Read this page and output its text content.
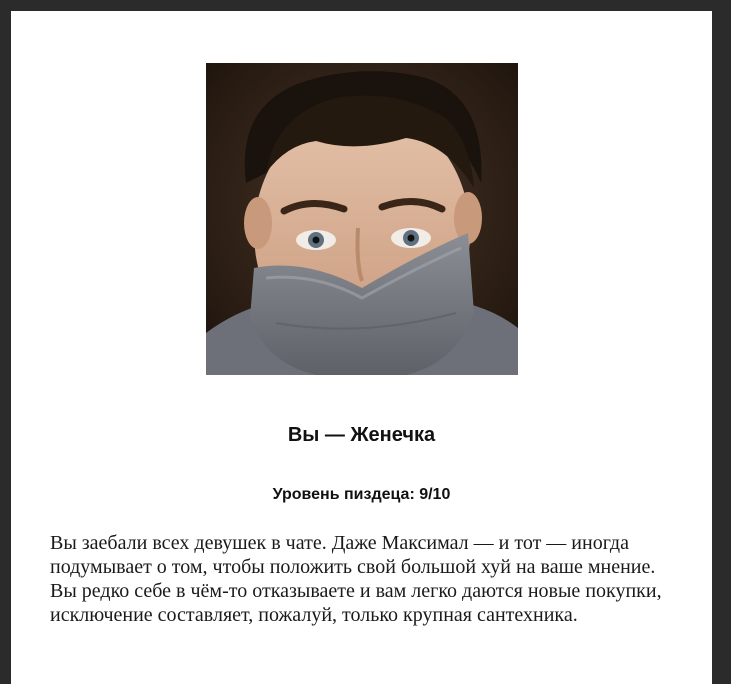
Вы — Женечка
Уровень пиздеца: 9/10

Вы заебали всех девушек в чате. Даже Максимал — и тот — иногда подумывает о том, чтобы положить свой большой хуй на ваше мнение. Вы редко себе в чём-то отказываете и вам легко даются новые покупки, исключение составляет, пожалуй, только крупная сантехника.
